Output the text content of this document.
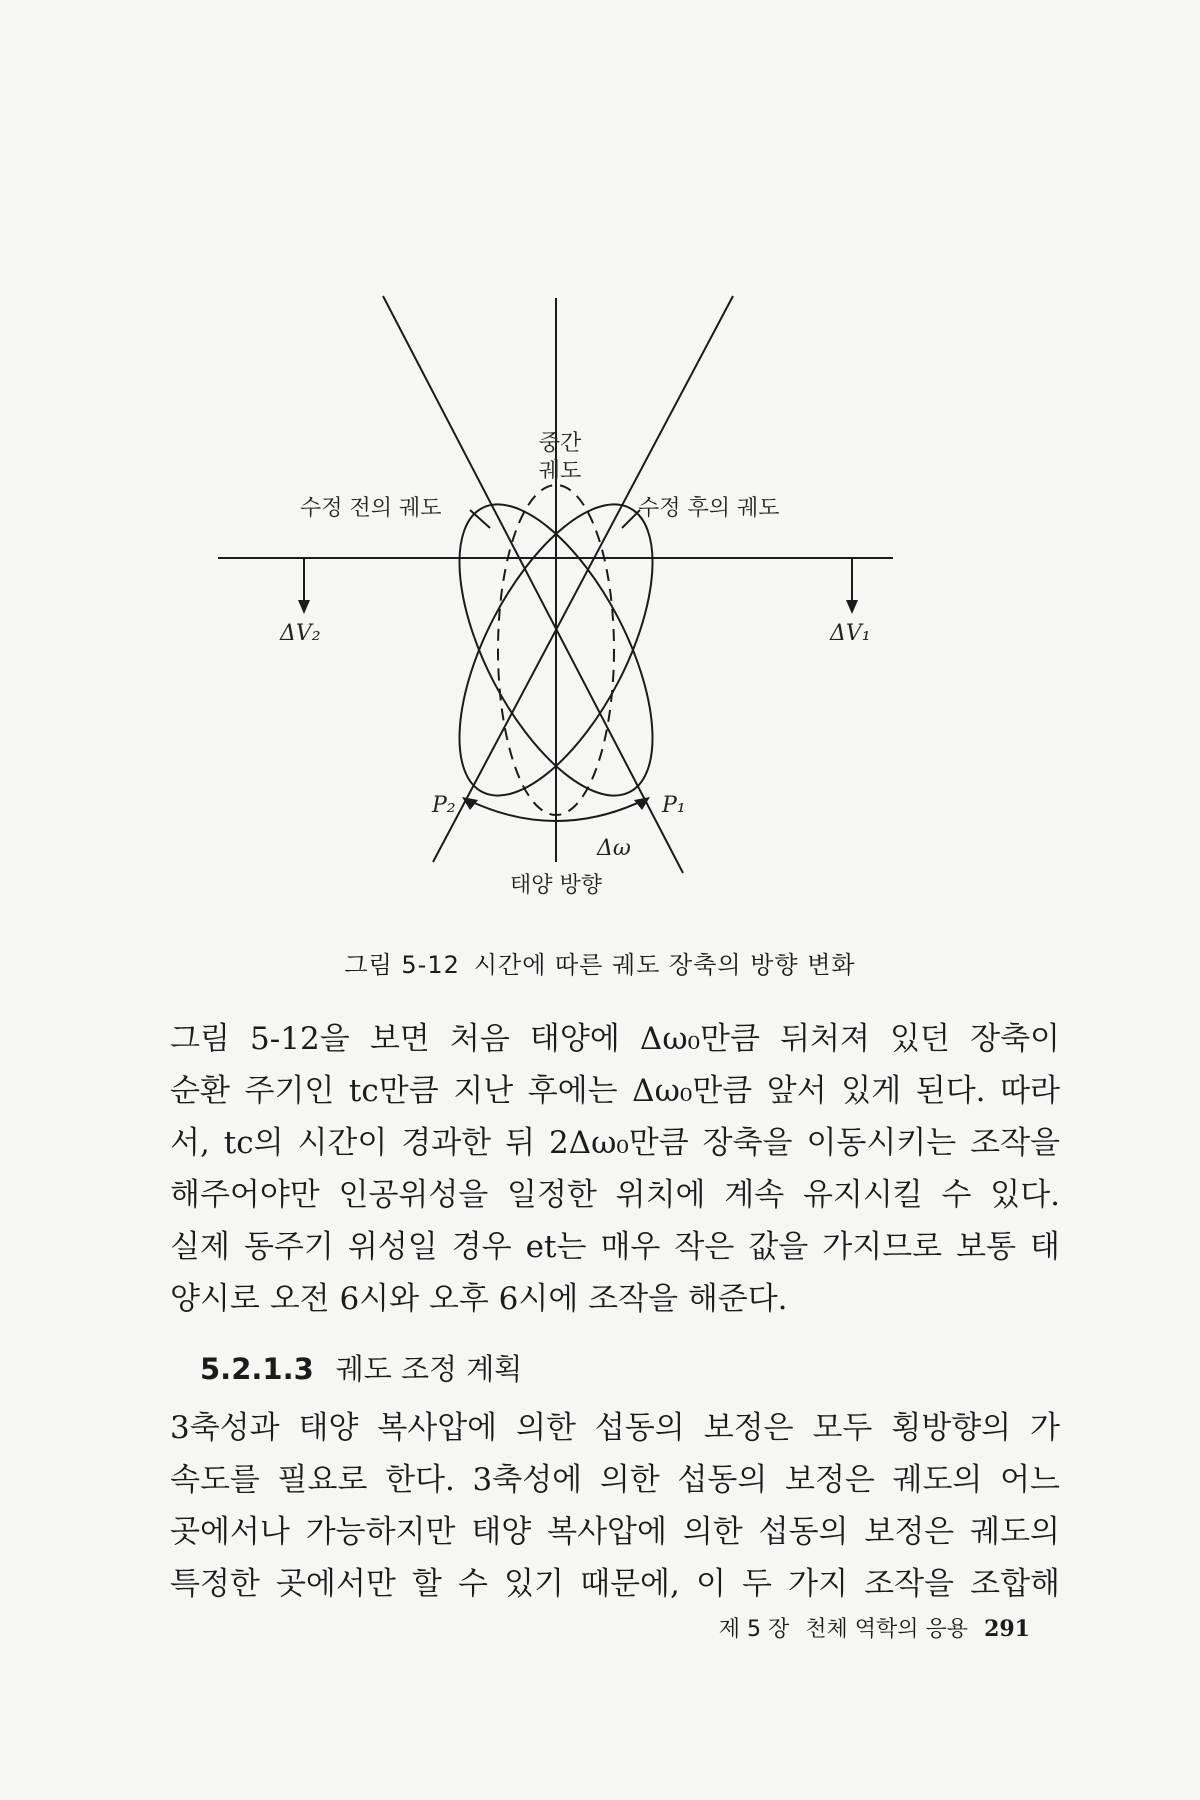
중간
궤도
수정 전의 궤도	수정 후의 궤도
ΔV₂	ΔV₁
P₂	P₁
Δω
태양 방향
그림 5-12 시간에 따른 궤도 장축의 방향 변화
그림 5-12을 보면 처음 태양에 Δω₀만큼 뒤처져 있던 장축이
순환 주기인 tc만큼 지난 후에는 Δω₀만큼 앞서 있게 된다. 따라
서, tc의 시간이 경과한 뒤 2Δω₀만큼 장축을 이동시키는 조작을
해주어야만 인공위성을 일정한 위치에 계속 유지시킬 수 있다.
실제 동주기 위성일 경우 et는 매우 작은 값을 가지므로 보통 태
양시로 오전 6시와 오후 6시에 조작을 해준다.
5.2.1.3 궤도 조정 계획
3축성과 태양 복사압에 의한 섭동의 보정은 모두 횡방향의 가
속도를 필요로 한다. 3축성에 의한 섭동의 보정은 궤도의 어느
곳에서나 가능하지만 태양 복사압에 의한 섭동의 보정은 궤도의
특정한 곳에서만 할 수 있기 때문에, 이 두 가지 조작을 조합해
제 5 장 천체 역학의 응용 291
